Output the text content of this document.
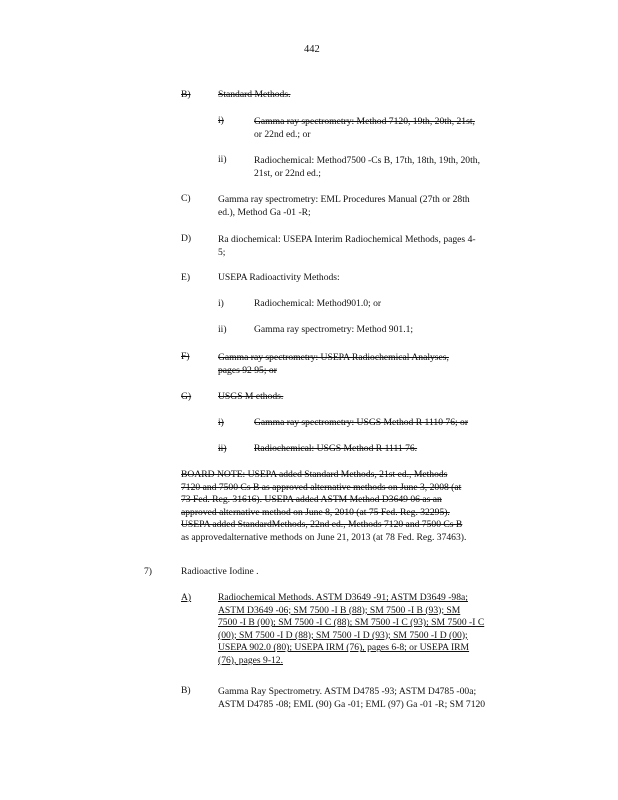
442
B)	Standard Methods.
i)	Gamma ray spectrometry: Method 7120, 19th, 20th, 21st,
or 22nd ed.; or
ii)	Radiochemical: Method7500 -Cs B, 17th, 18th, 19th, 20th,
21st, or 22nd ed.;
C)	Gamma ray spectrometry: EML Procedures Manual (27th or 28th
ed.), Method Ga -01 -R;
D)	Ra diochemical: USEPA Interim Radiochemical Methods, pages 4-
5;
E)	USEPA Radioactivity Methods:
i)	Radiochemical: Method901.0; or
ii)	Gamma ray spectrometry: Method 901.1;
F)	Gamma ray spectrometry: USEPA Radiochemical Analyses,
pages 92 95; or
G)	USGS M ethods.
i)	Gamma ray spectrometry: USGS Method R 1110 76; or
ii)	Radiochemical: USGS Method R 1111 76.
BOARD NOTE: USEPA added Standard Methods, 21st ed., Methods
7120 and 7500 Cs B as approved alternative methods on June 3, 2008 (at
73 Fed. Reg. 31616). USEPA added ASTM Method D3649 06 as an
approved alternative method on June 8, 2010 (at 75 Fed. Reg. 32295).
USEPA added StandardMethods, 22nd ed., Methods 7120 and 7500 Cs B
as approvedalternative methods on June 21, 2013 (at 78 Fed. Reg. 37463).
7)	Radioactive Iodine .
A)	Radiochemical Methods. ASTM D3649 -91; ASTM D3649 -98a;
ASTM D3649 -06; SM 7500 -I B (88); SM 7500 -I B (93); SM
7500 -I B (00); SM 7500 -I C (88); SM 7500 -I C (93); SM 7500 -I C
(00); SM 7500 -I D (88); SM 7500 -I D (93); SM 7500 -I D (00);
USEPA 902.0 (80); USEPA IRM (76), pages 6-8; or USEPA IRM
(76), pages 9-12.
B)	Gamma Ray Spectrometry. ASTM D4785 -93; ASTM D4785 -00a;
ASTM D4785 -08; EML (90) Ga -01; EML (97) Ga -01 -R; SM 7120
